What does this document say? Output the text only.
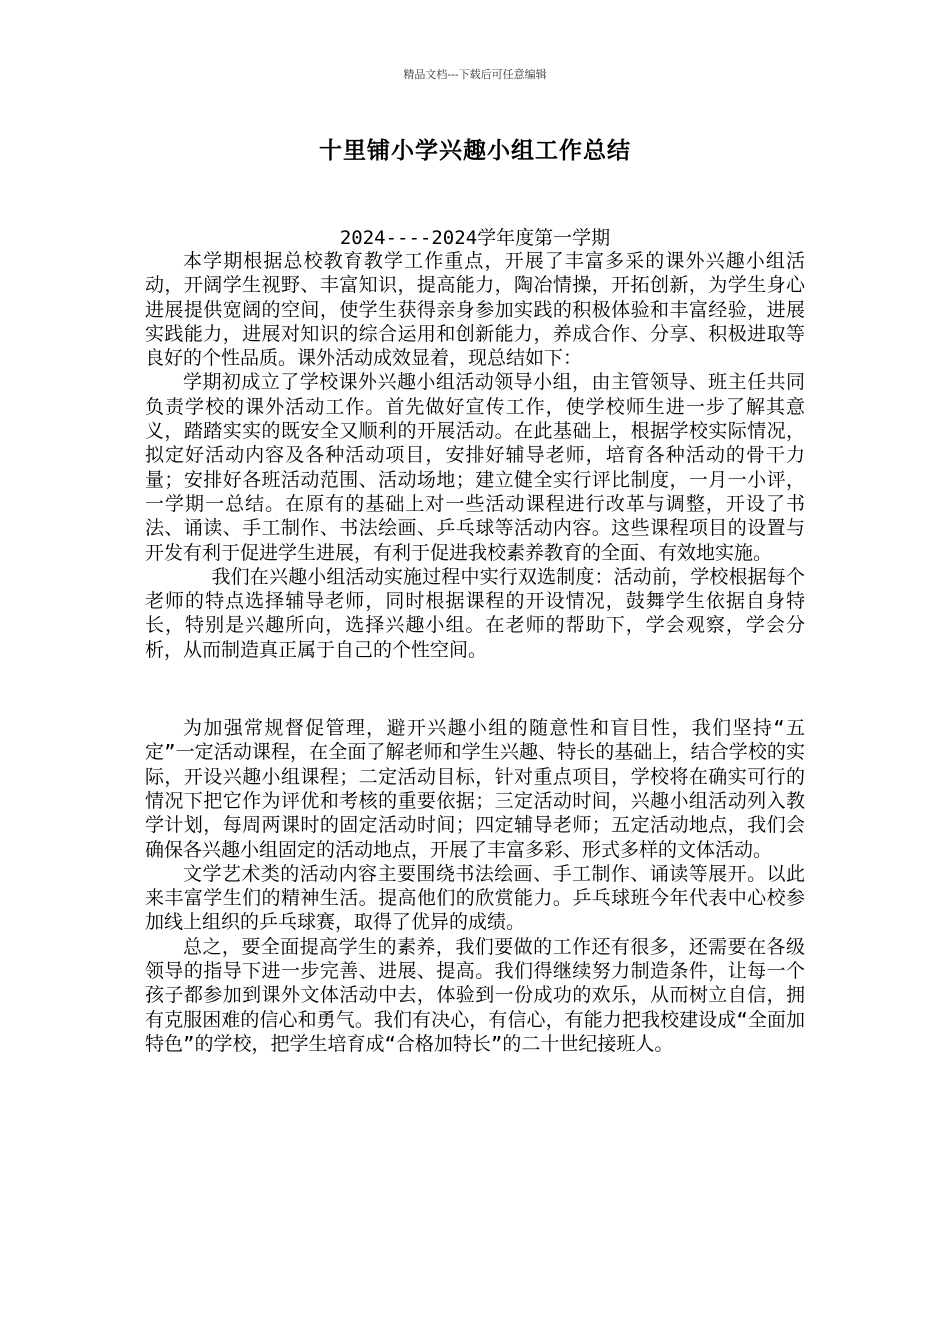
精品文档---下载后可任意编辑
十里铺小学兴趣小组工作总结
2024----2024学年度第一学期

本学期根据总校教育教学工作重点，开展了丰富多采的课外兴趣小组活动，开阔学生视野、丰富知识，提高能力，陶冶情操，开拓创新，为学生身心进展提供宽阔的空间，使学生获得亲身参加实践的积极体验和丰富经验，进展实践能力，进展对知识的综合运用和创新能力，养成合作、分享、积极进取等良好的个性品质。课外活动成效显着，现总结如下：

学期初成立了学校课外兴趣小组活动领导小组，由主管领导、班主任共同负责学校的课外活动工作。首先做好宣传工作，使学校师生进一步了解其意义，踏踏实实的既安全又顺利的开展活动。在此基础上，根据学校实际情况，拟定好活动内容及各种活动项目，安排好辅导老师，培育各种活动的骨干力量；安排好各班活动范围、活动场地；建立健全实行评比制度，一月一小评，一学期一总结。在原有的基础上对一些活动课程进行改革与调整，开设了书法、诵读、手工制作、书法绘画、乒乓球等活动内容。这些课程项目的设置与开发有利于促进学生进展，有利于促进我校素养教育的全面、有效地实施。

我们在兴趣小组活动实施过程中实行双选制度：活动前，学校根据每个老师的特点选择辅导老师，同时根据课程的开设情况，鼓舞学生依据自身特长，特别是兴趣所向，选择兴趣小组。在老师的帮助下，学会观察，学会分析，从而制造真正属于自己的个性空间。

为加强常规督促管理，避开兴趣小组的随意性和盲目性，我们坚持“五定”一定活动课程，在全面了解老师和学生兴趣、特长的基础上，结合学校的实际，开设兴趣小组课程；二定活动目标，针对重点项目，学校将在确实可行的情况下把它作为评优和考核的重要依据；三定活动时间，兴趣小组活动列入教学计划，每周两课时的固定活动时间；四定辅导老师；五定活动地点，我们会确保各兴趣小组固定的活动地点，开展了丰富多彩、形式多样的文体活动。

文学艺术类的活动内容主要围绕书法绘画、手工制作、诵读等展开。以此来丰富学生们的精神生活。提高他们的欣赏能力。乒乓球班今年代表中心校参加线上组织的乒乓球赛，取得了优异的成绩。

总之，要全面提高学生的素养，我们要做的工作还有很多，还需要在各级领导的指导下进一步完善、进展、提高。我们得继续努力制造条件，让每一个孩子都参加到课外文体活动中去，体验到一份成功的欢乐，从而树立自信，拥有克服困难的信心和勇气。我们有决心，有信心，有能力把我校建设成“全面加特色”的学校，把学生培育成“合格加特长”的二十世纪接班人。
